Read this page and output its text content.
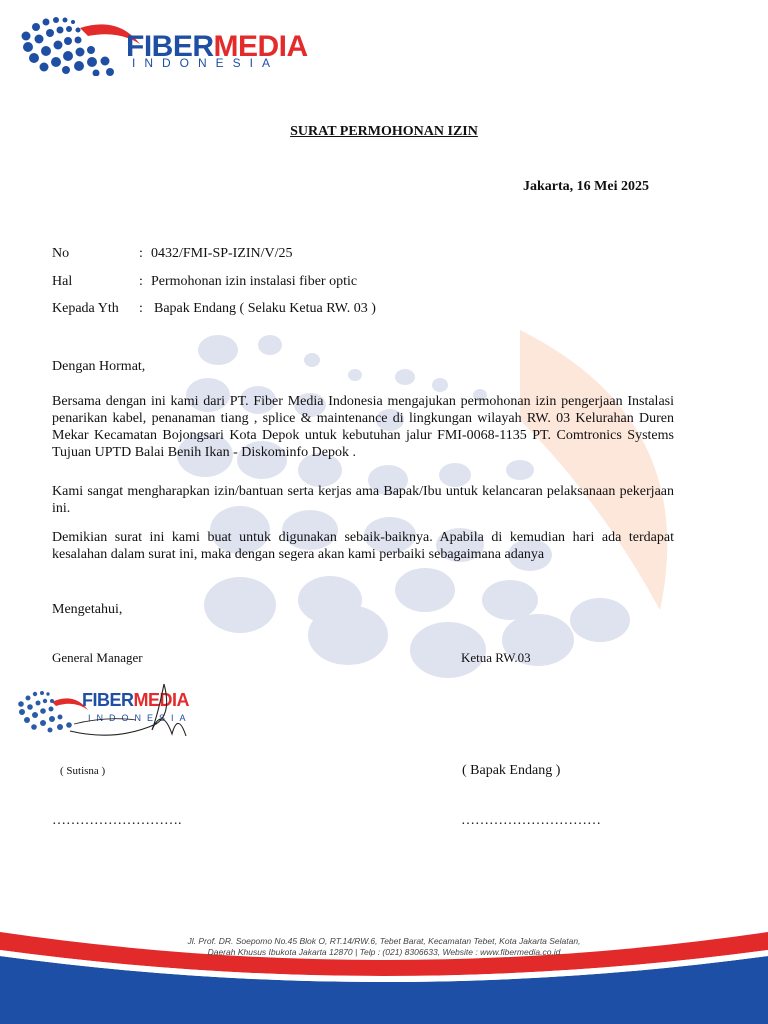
FIBERMEDIA
INDONESIA
SURAT PERMOHONAN IZIN
Jakarta, 16 Mei 2025
No	: 0432/FMI-SP-IZIN/V/25
Hal	: Permohonan izin instalasi fiber optic
Kepada Yth : Bapak Endang ( Selaku Ketua RW. 03 )
Dengan Hormat,
Bersama dengan ini kami dari PT. Fiber Media Indonesia mengajukan permohonan izin pengerjaan Instalasi penarikan kabel, penanaman tiang , splice & maintenance di lingkungan wilayah RW. 03 Kelurahan Duren Mekar Kecamatan Bojongsari Kota Depok untuk kebutuhan jalur FMI-0068-1135 PT. Comtronics Systems Tujuan UPTD Balai Benih Ikan - Diskominfo Depok .
Kami sangat mengharapkan izin/bantuan serta kerjas ama Bapak/Ibu untuk kelancaran pelaksanaan pekerjaan ini.
Demikian surat ini kami buat untuk digunakan sebaik-baiknya. Apabila di kemudian hari ada terdapat kesalahan dalam surat ini, maka dengan segera akan kami perbaiki sebagaimana adanya
Mengetahui,
General Manager	Ketua RW.03
FIBERMEDIA
INDONESIA
( Sutisna )	( Bapak Endang )
……………………….	…………………………
Jl. Prof. DR. Soepomo No.45 Blok O, RT.14/RW.6, Tebet Barat, Kecamatan Tebet, Kota Jakarta Selatan,
Daerah Khusus Ibukota Jakarta 12870 | Telp : (021) 8306633, Website : www.fibermedia.co.id
